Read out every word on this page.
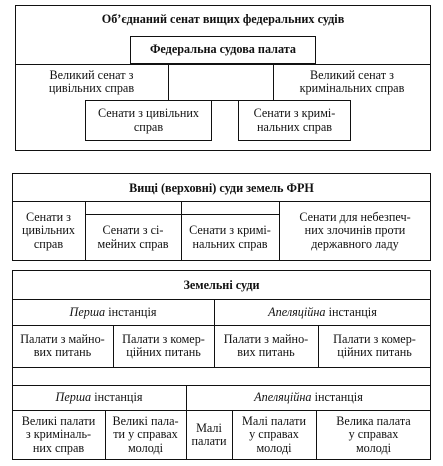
Об’єднаний сенат вищих федеральних судів
Федеральна судова палата
Великий сенат з
цивільних справ
Великий сенат з
кримінальних справ
Сенати з цивільних
справ
Сенати з кримі-
нальних справ
Вищі (верховні) суди земель ФРН
Сенати з
цивільних
справ
Сенати з сі-
мейних справ
Сенати з кримі-
нальних справ
Сенати для небезпеч-
них злочинів проти
державного ладу
Земельні суди
Перша інстанція	Апеляційна інстанція
Палати з майно-
вих питань
Палати з комер-
ційних питань
Палати з майно-
вих питань
Палати з комер-
ційних питань
Перша інстанція	Апеляційна інстанція
Великі палати
з криміналь-
них справ
Великі пала-
ти у справах
молоді
Малі
палати
Малі палати
у справах
молоді
Велика палата
у справах
молоді
